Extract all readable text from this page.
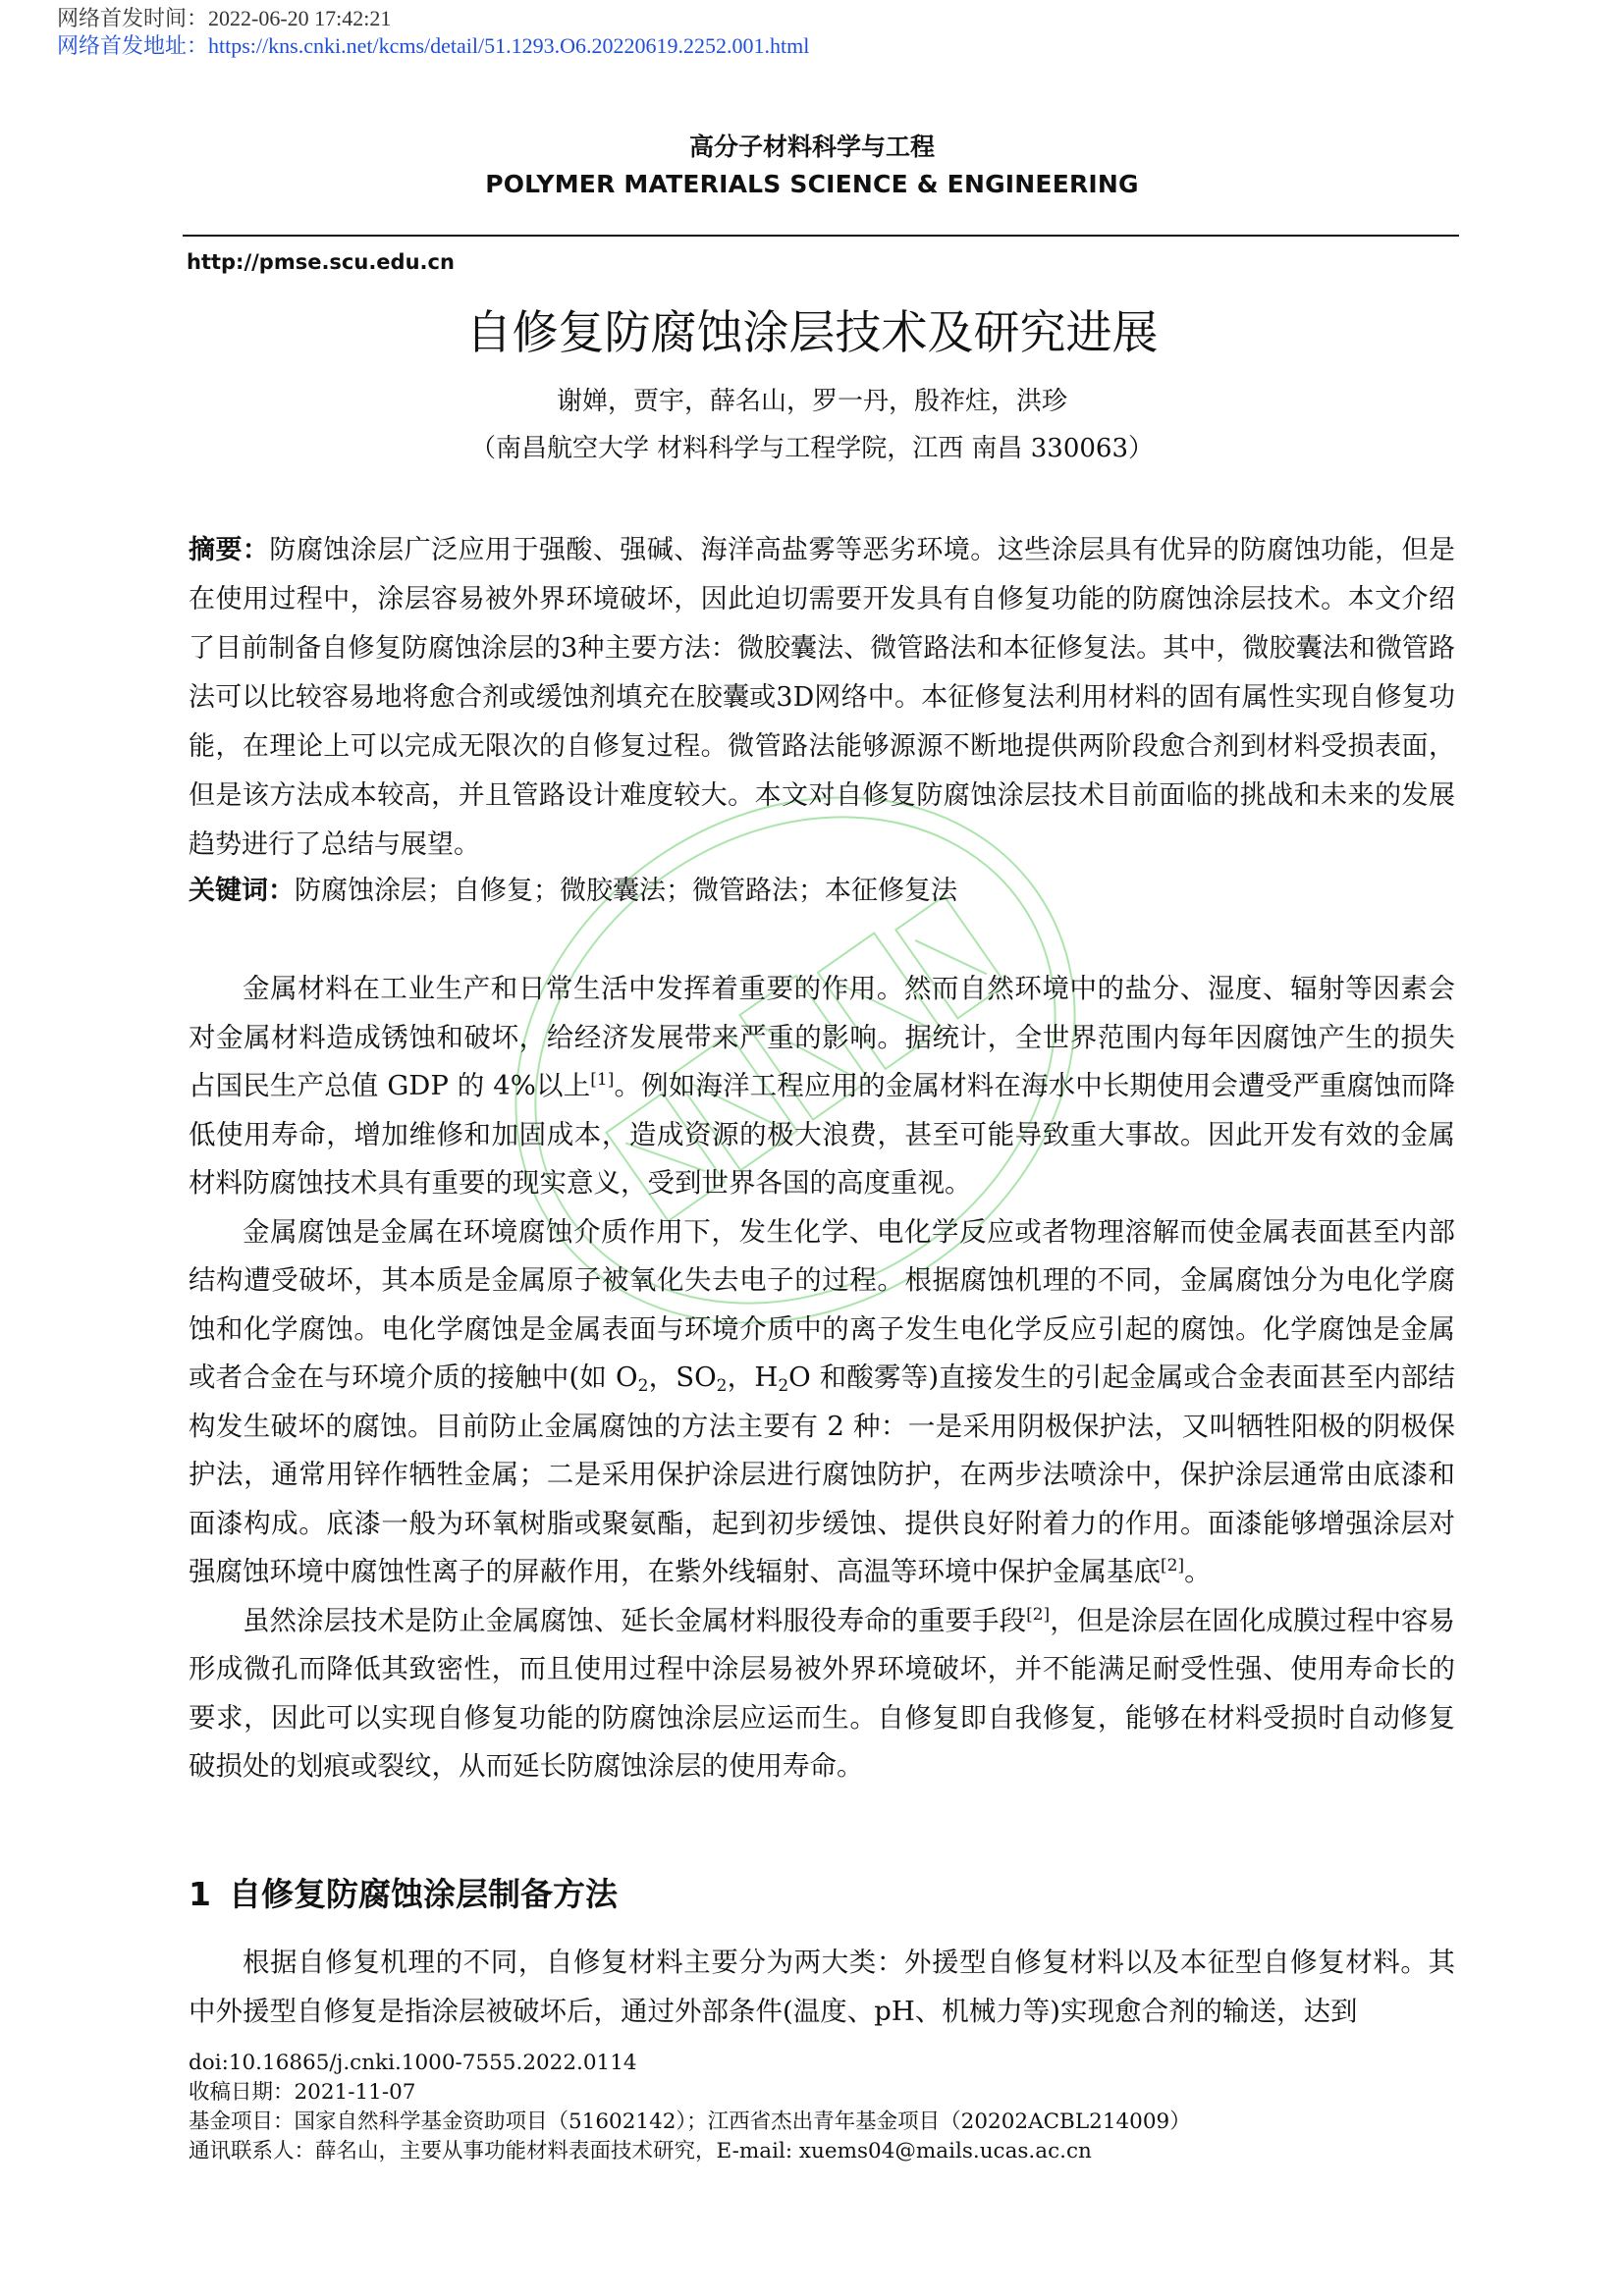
网络首发时间：2022-06-20 17:42:21
网络首发地址：https://kns.cnki.net/kcms/detail/51.1293.O6.20220619.2252.001.html
高分子材料科学与工程
POLYMER MATERIALS SCIENCE & ENGINEERING
http://pmse.scu.edu.cn
自修复防腐蚀涂层技术及研究进展
谢婵，贾宇，薛名山，罗一丹，殷祚炷，洪珍
（南昌航空大学 材料科学与工程学院，江西 南昌 330063）
摘要：防腐蚀涂层广泛应用于强酸、强碱、海洋高盐雾等恶劣环境。这些涂层具有优异的防腐蚀功能，但是在使用过程中，涂层容易被外界环境破坏，因此迫切需要开发具有自修复功能的防腐蚀涂层技术。本文介绍了目前制备自修复防腐蚀涂层的3种主要方法：微胶囊法、微管路法和本征修复法。其中，微胶囊法和微管路法可以比较容易地将愈合剂或缓蚀剂填充在胶囊或3D网络中。本征修复法利用材料的固有属性实现自修复功能，在理论上可以完成无限次的自修复过程。微管路法能够源源不断地提供两阶段愈合剂到材料受损表面，但是该方法成本较高，并且管路设计难度较大。本文对自修复防腐蚀涂层技术目前面临的挑战和未来的发展趋势进行了总结与展望。
关键词：防腐蚀涂层；自修复；微胶囊法；微管路法；本征修复法

金属材料在工业生产和日常生活中发挥着重要的作用。然而自然环境中的盐分、湿度、辐射等因素会对金属材料造成锈蚀和破坏，给经济发展带来严重的影响。据统计，全世界范围内每年因腐蚀产生的损失占国民生产总值 GDP 的 4%以上[1]。例如海洋工程应用的金属材料在海水中长期使用会遭受严重腐蚀而降低使用寿命，增加维修和加固成本，造成资源的极大浪费，甚至可能导致重大事故。因此开发有效的金属材料防腐蚀技术具有重要的现实意义，受到世界各国的高度重视。

金属腐蚀是金属在环境腐蚀介质作用下，发生化学、电化学反应或者物理溶解而使金属表面甚至内部结构遭受破坏，其本质是金属原子被氧化失去电子的过程。根据腐蚀机理的不同，金属腐蚀分为电化学腐蚀和化学腐蚀。电化学腐蚀是金属表面与环境介质中的离子发生电化学反应引起的腐蚀。化学腐蚀是金属或者合金在与环境介质的接触中(如 $O_2$，$SO_2$，$H_2O$ 和酸雾等)直接发生的引起金属或合金表面甚至内部结构发生破坏的腐蚀。目前防止金属腐蚀的方法主要有 2 种：一是采用阴极保护法，又叫牺牲阳极的阴极保护法，通常用锌作牺牲金属；二是采用保护涂层进行腐蚀防护，在两步法喷涂中，保护涂层通常由底漆和面漆构成。底漆一般为环氧树脂或聚氨酯，起到初步缓蚀、提供良好附着力的作用。面漆能够增强涂层对强腐蚀环境中腐蚀性离子的屏蔽作用，在紫外线辐射、高温等环境中保护金属基底[2]。

虽然涂层技术是防止金属腐蚀、延长金属材料服役寿命的重要手段[2]，但是涂层在固化成膜过程中容易形成微孔而降低其致密性，而且使用过程中涂层易被外界环境破坏，并不能满足耐受性强、使用寿命长的要求，因此可以实现自修复功能的防腐蚀涂层应运而生。自修复即自我修复，能够在材料受损时自动修复破损处的划痕或裂纹，从而延长防腐蚀涂层的使用寿命。

1 自修复防腐蚀涂层制备方法

根据自修复机理的不同，自修复材料主要分为两大类：外援型自修复材料以及本征型自修复材料。其中外援型自修复是指涂层被破坏后，通过外部条件(温度、pH、机械力等)实现愈合剂的输送，达到

doi:10.16865/j.cnki.1000-7555.2022.0114
收稿日期：2021-11-07
基金项目：国家自然科学基金资助项目（51602142）；江西省杰出青年基金项目（20202ACBL214009）
通讯联系人：薛名山，主要从事功能材料表面技术研究，E-mail: xuems04@mails.ucas.ac.cn
